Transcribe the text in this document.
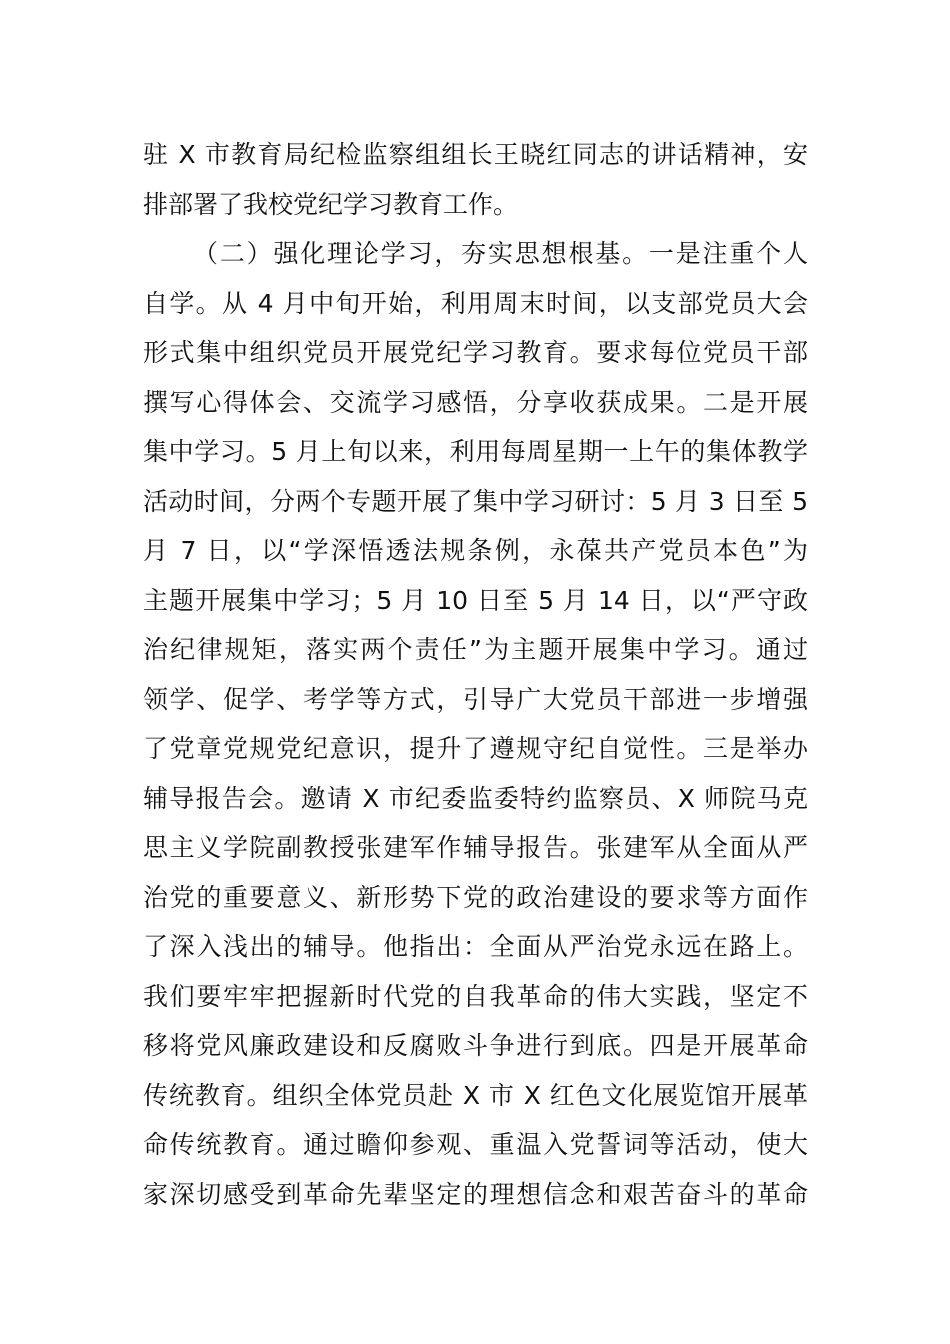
驻 X 市教育局纪检监察组组长王晓红同志的讲话精神，安
排部署了我校党纪学习教育工作。
（二）强化理论学习，夯实思想根基。一是注重个人
自学。从 4 月中旬开始，利用周末时间，以支部党员大会
形式集中组织党员开展党纪学习教育。要求每位党员干部
撰写心得体会、交流学习感悟，分享收获成果。二是开展
集中学习。5 月上旬以来，利用每周星期一上午的集体教学
活动时间，分两个专题开展了集中学习研讨：5 月 3 日至 5
月 7 日，以“学深悟透法规条例，永葆共产党员本色”为
主题开展集中学习；5 月 10 日至 5 月 14 日，以“严守政
治纪律规矩，落实两个责任”为主题开展集中学习。通过
领学、促学、考学等方式，引导广大党员干部进一步增强
了党章党规党纪意识，提升了遵规守纪自觉性。三是举办
辅导报告会。邀请 X 市纪委监委特约监察员、X 师院马克
思主义学院副教授张建军作辅导报告。张建军从全面从严
治党的重要意义、新形势下党的政治建设的要求等方面作
了深入浅出的辅导。他指出：全面从严治党永远在路上。
我们要牢牢把握新时代党的自我革命的伟大实践，坚定不
移将党风廉政建设和反腐败斗争进行到底。四是开展革命
传统教育。组织全体党员赴 X 市 X 红色文化展览馆开展革
命传统教育。通过瞻仰参观、重温入党誓词等活动，使大
家深切感受到革命先辈坚定的理想信念和艰苦奋斗的革命
